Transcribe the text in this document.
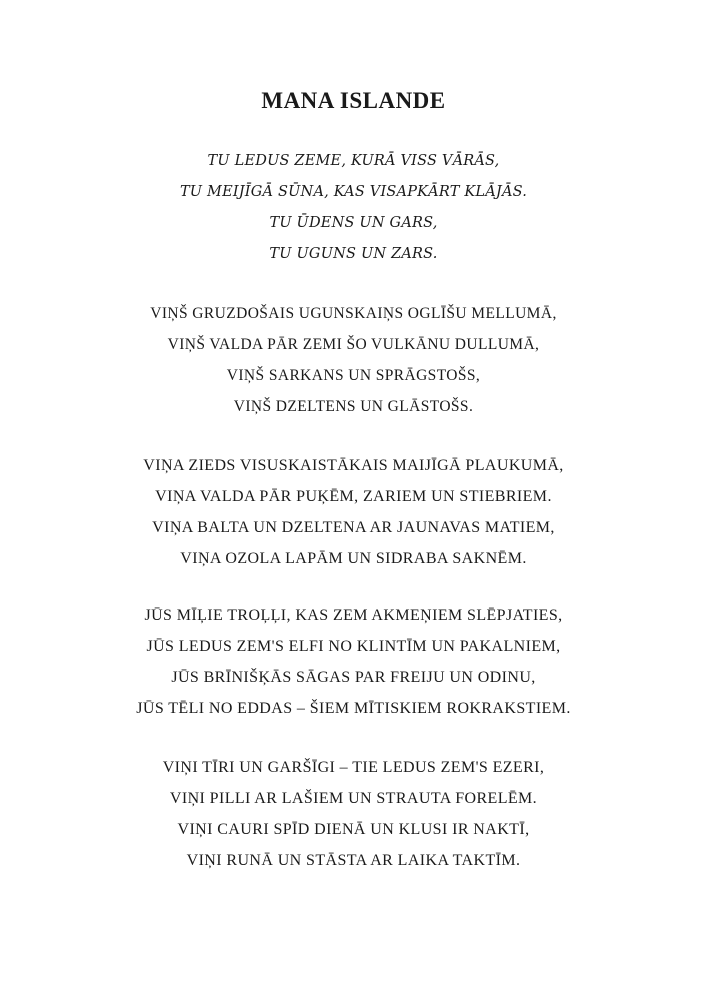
MANA ISLANDE
TU LEDUS ZEME, KURĀ VISS VĀRĀS,
TU MEIJĪGĀ SŪNA, KAS VISAPKĀRT KLĀJĀS.
TU ŪDENS UN GARS,
TU UGUNS UN ZARS.
VIŅŠ GRUZDOŠAIS UGUNSKAIŅS OGLĪŠU MELLUMĀ,
VIŅŠ VALDA PĀR ZEMI ŠO VULKĀNU DULLUMĀ,
VIŅŠ SARKANS UN SPRĀGSTOŠS,
VIŅŠ DZELTENS UN GLĀSTOŠS.
VIŅA ZIEDS VISUSKAISTĀKAIS MAIJĪGĀ PLAUKUMĀ,
VIŅA VALDA PĀR PUĶĒM, ZARIEM UN STIEBRIEM.
VIŅA BALTA UN DZELTENA AR JAUNAVAS MATIEM,
VIŅA OZOLA LAPĀM UN SIDRABA SAKNĒM.
JŪS MĪĻIE TROĻĻI, KAS ZEM AKMEŅIEM SLĒPJATIES,
JŪS LEDUS ZEM'S ELFI NO KLINTĪM UN PAKALNIEM,
JŪS BRĪNIŠĶĀS SĀGAS PAR FREIJU UN ODINU,
JŪS TĒLI NO EDDAS – ŠIEM MĪTISKIEM ROKRAKSTIEM.
VIŅI TĪRI UN GARŠĪGI – TIE LEDUS ZEM'S EZERI,
VIŅI PILLI AR LAŠIEM UN STRAUTA FORELĒM.
VIŅI CAURI SPĪD DIENĀ UN KLUSI IR NAKTĪ,
VIŅI RUNĀ UN STĀSTA AR LAIKA TAKTĪM.
